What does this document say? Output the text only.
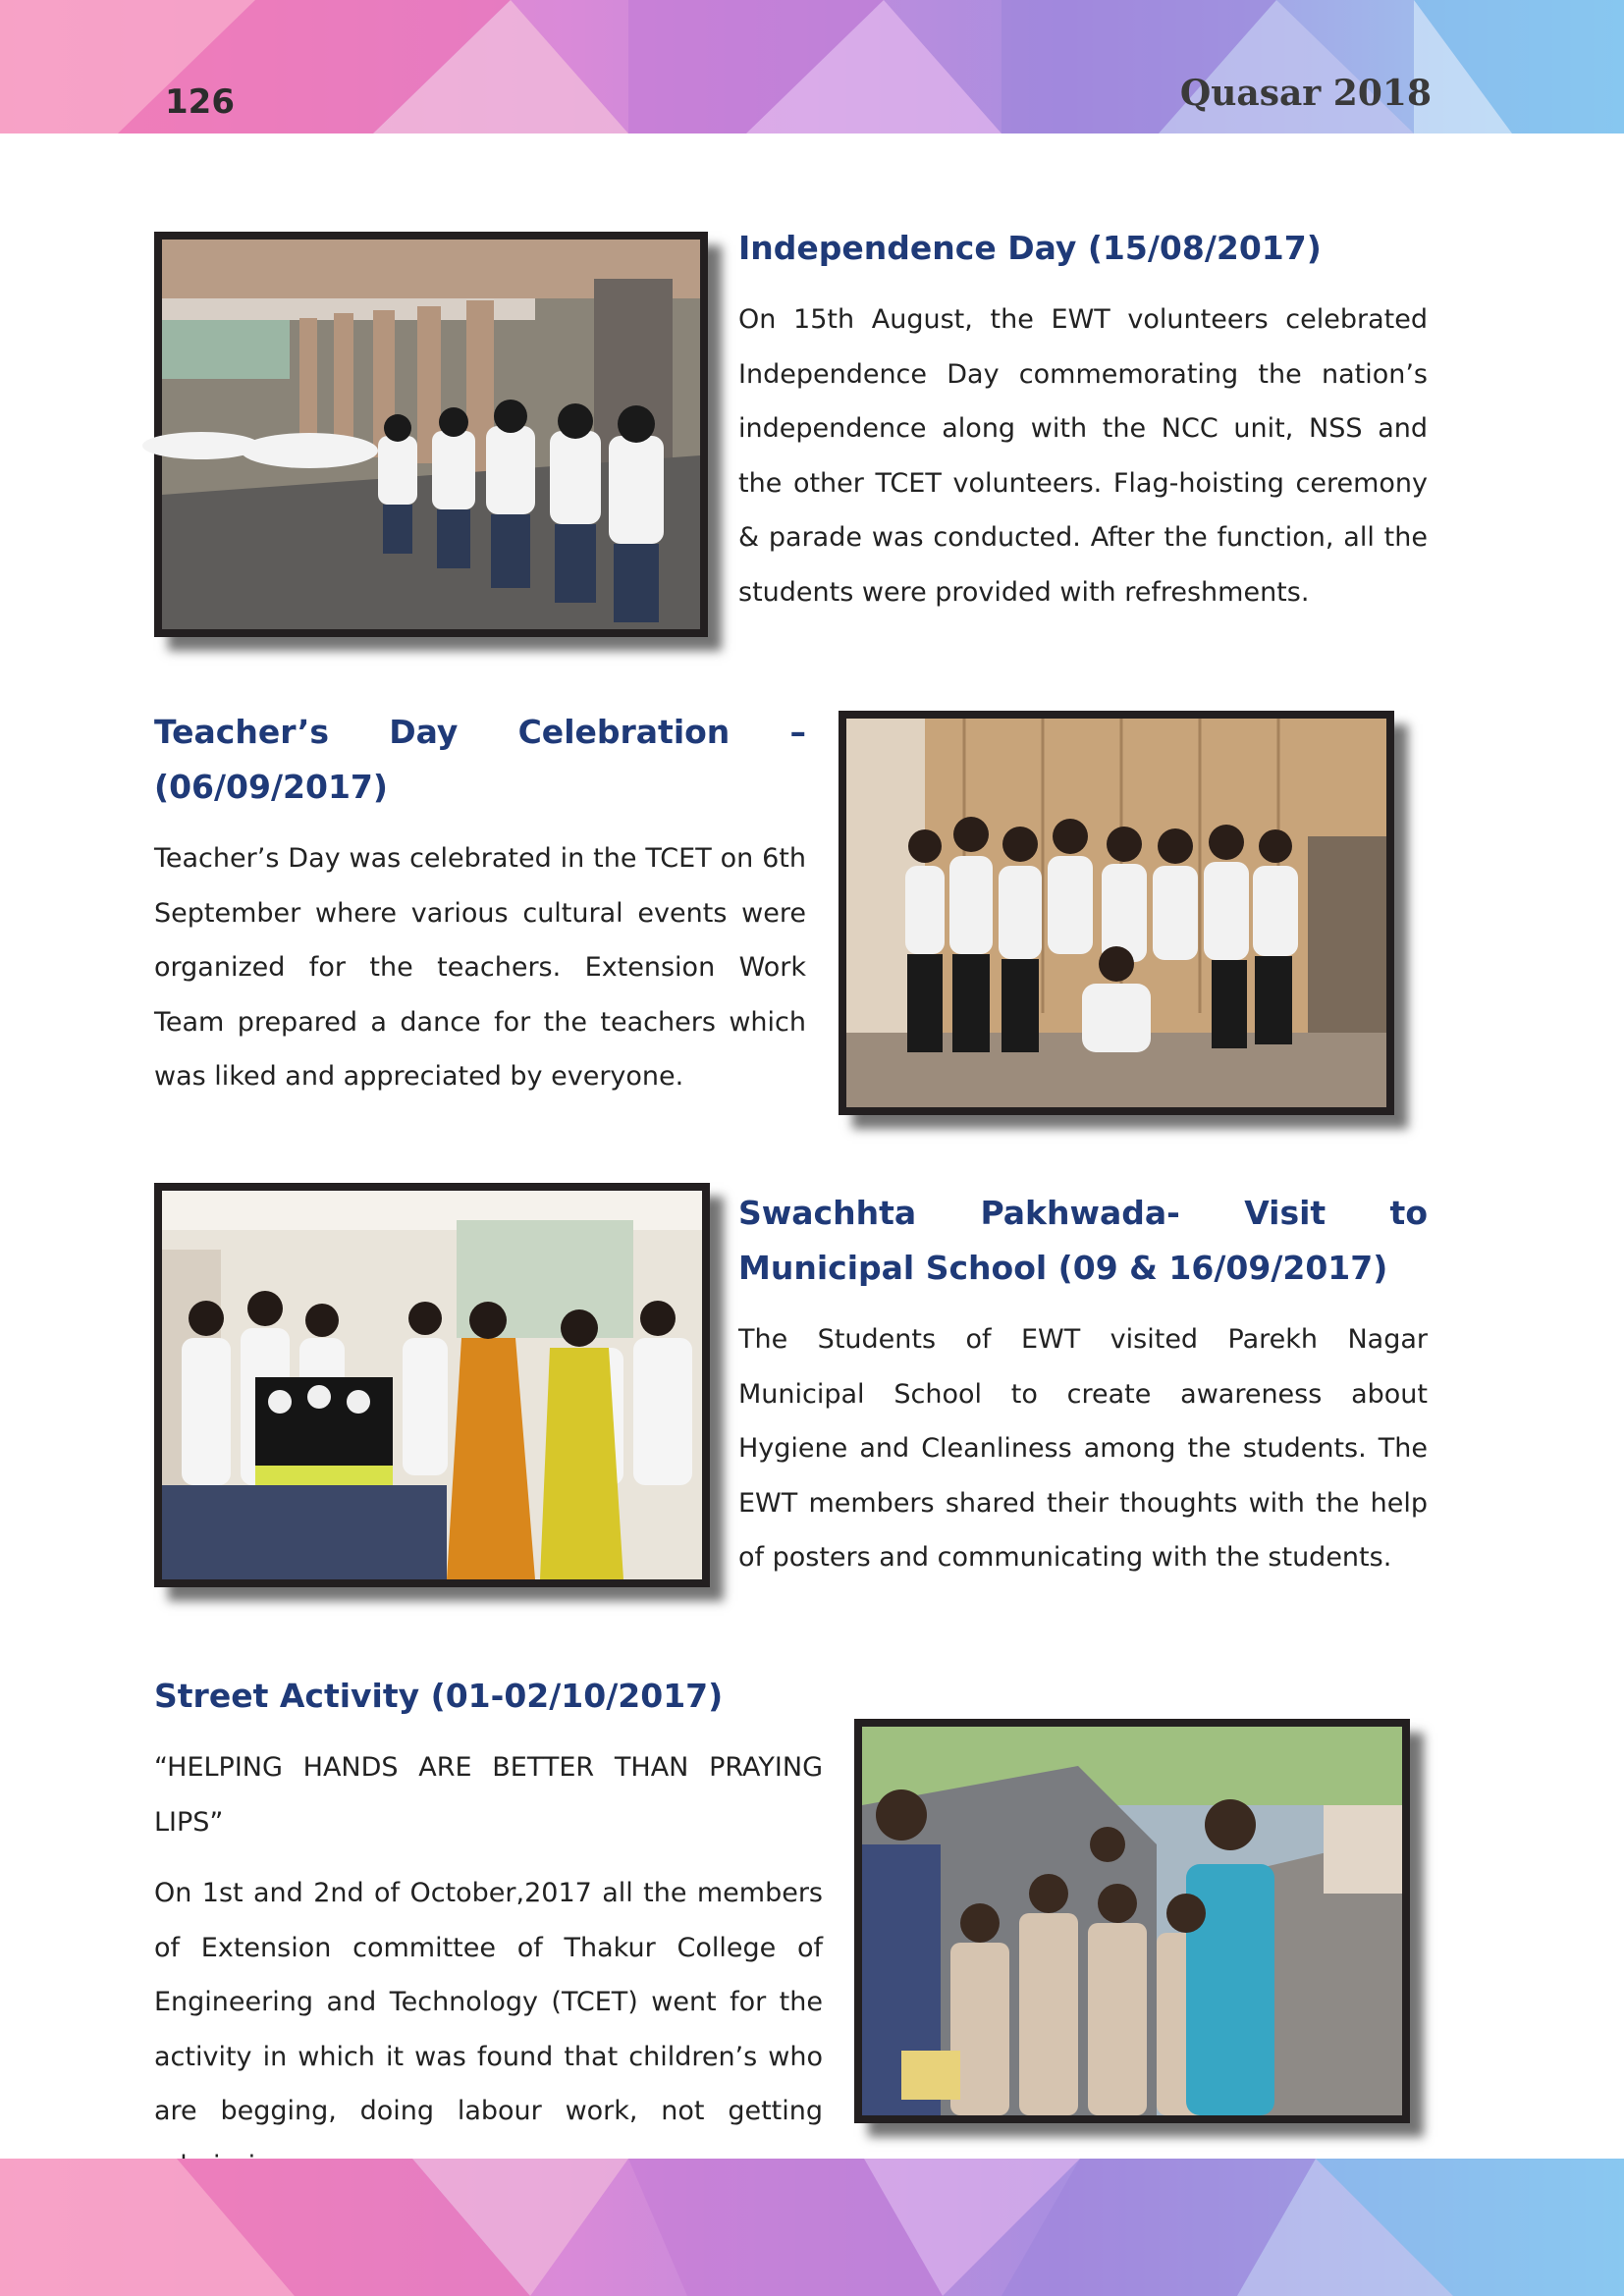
126	Quasar 2018
Independence Day (15/08/2017)

On 15th August, the EWT volunteers celebrated Independence Day commemorating the nation’s independence along with the NCC unit, NSS and the other TCET volunteers. Flag-hoisting ceremony & parade was conducted. After the function, all the students were provided with refreshments.

Teacher’s Day Celebration –
(06/09/2017)

Teacher’s Day was celebrated in the TCET on 6th September where various cultural events were organized for the teachers. Extension Work Team prepared a dance for the teachers which was liked and appreciated by everyone.

Swachhta Pakhwada- Visit to Municipal School (09 & 16/09/2017)

The Students of EWT visited Parekh Nagar Municipal School to create awareness about Hygiene and Cleanliness among the students. The EWT members shared their thoughts with the help of posters and communicating with the students.

Street Activity (01-02/10/2017)

“HELPING HANDS ARE BETTER THAN PRAYING LIPS”

On 1st and 2nd of October,2017 all the members of Extension committee of Thakur College of Engineering and Technology (TCET) went for the activity in which it was found that children’s who are begging, doing labour work, not getting
